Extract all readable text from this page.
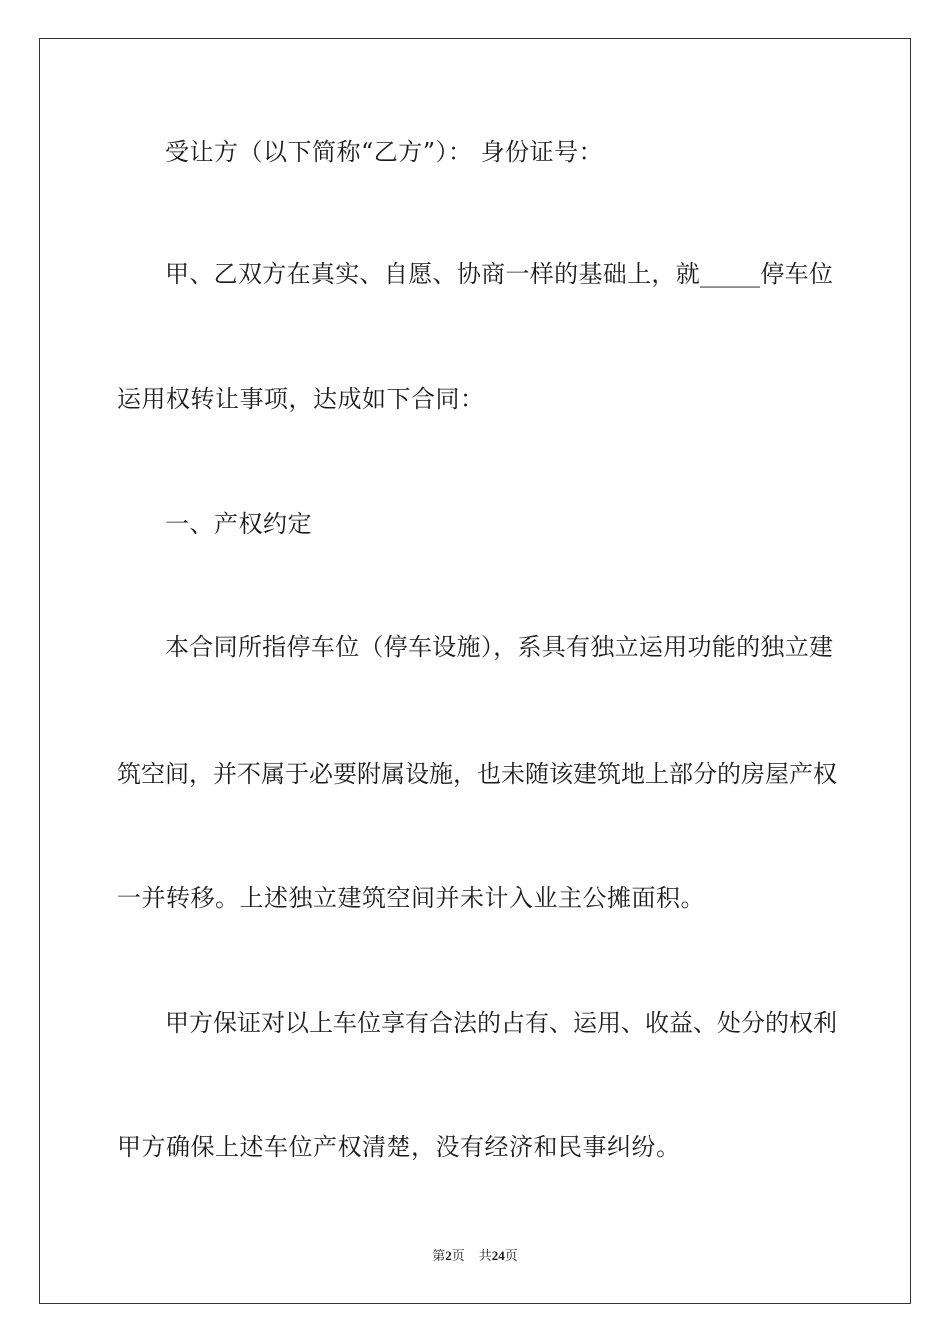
受让方（以下简称“乙方”）： 身份证号：
甲、乙双方在真实、自愿、协商一样的基础上，就_____停车位
运用权转让事项，达成如下合同：
一、产权约定
本合同所指停车位（停车设施），系具有独立运用功能的独立建
筑空间，并不属于必要附属设施，也未随该建筑地上部分的房屋产权
一并转移。上述独立建筑空间并未计入业主公摊面积。
甲方保证对以上车位享有合法的占有、运用、收益、处分的权利
甲方确保上述车位产权清楚，没有经济和民事纠纷。
第2页 共24页
